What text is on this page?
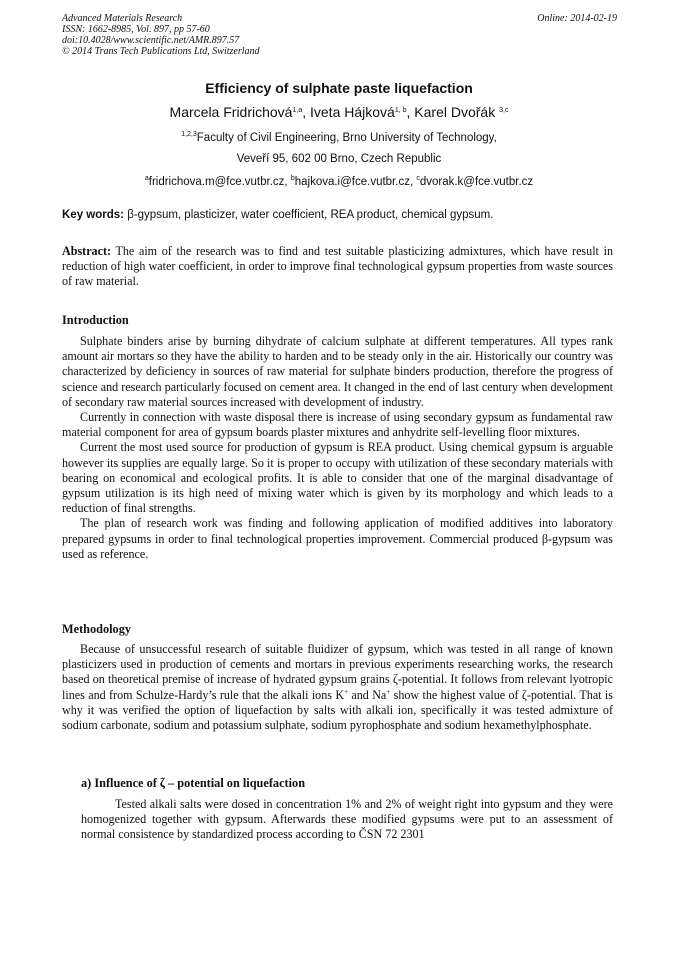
Advanced Materials Research
ISSN: 1662-8985, Vol. 897, pp 57-60
doi:10.4028/www.scientific.net/AMR.897.57
© 2014 Trans Tech Publications Ltd, Switzerland
Online: 2014-02-19
Efficiency of sulphate paste liquefaction
Marcela Fridrichová$^{1,a}$, Iveta Hájková$^{1, b}$, Karel Dvořák $^{3,c}$
$^{1,2,3}$Faculty of Civil Engineering, Brno University of Technology,
Veveří 95, 602 00 Brno, Czech Republic
$^a$fridrichova.m@fce.vutbr.cz, $^b$hajkova.i@fce.vutbr.cz, $^c$dvorak.k@fce.vutbr.cz
Key words: β-gypsum, plasticizer, water coefficient, REA product, chemical gypsum.
Abstract: The aim of the research was to find and test suitable plasticizing admixtures, which have result in reduction of high water coefficient, in order to improve final technological gypsum properties from waste sources of raw material.
Introduction

Sulphate binders arise by burning dihydrate of calcium sulphate at different temperatures. All types rank amount air mortars so they have the ability to harden and to be steady only in the air. Historically our country was characterized by deficiency in sources of raw material for sulphate binders production, therefore the progress of science and research particularly focused on cement area. It changed in the end of last century when development of secondary raw material sources increased with development of industry.

Currently in connection with waste disposal there is increase of using secondary gypsum as fundamental raw material component for area of gypsum boards plaster mixtures and anhydrite self-levelling floor mixtures.

Current the most used source for production of gypsum is REA product. Using chemical gypsum is arguable however its supplies are equally large. So it is proper to occupy with utilization of these secondary materials with bearing on economical and ecological profits. It is able to consider that one of the marginal disadvantage of gypsum utilization is its high need of mixing water which is given by its morphology and which leads to a reduction of final strengths.

The plan of research work was finding and following application of modified additives into laboratory prepared gypsums in order to final technological properties improvement. Commercial produced β-gypsum was used as reference.

Methodology

Because of unsuccessful research of suitable fluidizer of gypsum, which was tested in all range of known plasticizers used in production of cements and mortars in previous experiments researching works, the research based on theoretical premise of increase of hydrated gypsum grains ζ-potential. It follows from relevant lyotropic lines and from Schulze-Hardy’s rule that the alkali ions K+ and Na+ show the highest value of ζ-potential. That is why it was verified the option of liquefaction by salts with alkali ion, specifically it was tested admixture of sodium carbonate, sodium and potassium sulphate, sodium pyrophosphate and sodium hexamethylphosphate.

a) Influence of ζ – potential on liquefaction

Tested alkali salts were dosed in concentration 1% and 2% of weight right into gypsum and they were homogenized together with gypsum. Afterwards these modified gypsums were put to an assessment of normal consistence by standardized process according to ČSN 72 2301
